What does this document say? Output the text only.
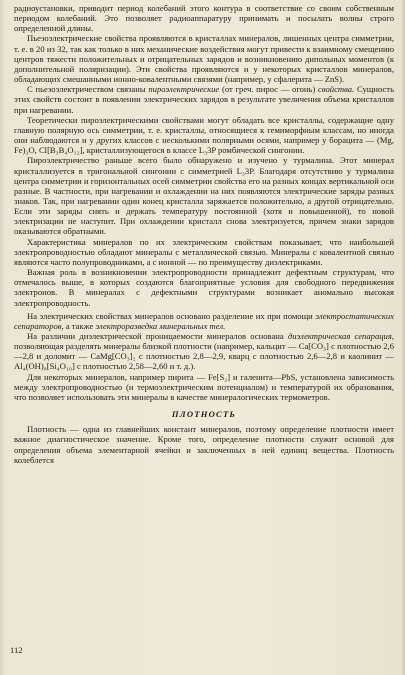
радиоустановки, приводит период колебаний этого контура в соответствие со своим собственным периодом колебаний. Это позволяет радиоаппаратуру принимать и посылать волны строго определенной длины.

Пьезоэлектрические свойства проявляются в кристаллах минералов, лишенных центра симметрии, т. е. в 20 из 32, так как только в них механические воздействия могут привести к взаимному смещению центров тяжести положительных и отрицательных зарядов и возникновению дипольных моментов (к дополнительной поляризации). Эти свойства проявляются и у некоторых кристаллов минералов, обладающих смешанными ионно-ковалентными связями (например, у сфалерита — ZnS).

С пьезоэлектричеством связаны пироэлектрические (от греч. пирос — огонь) свойства. Сущность этих свойств состоит в появлении электрических зарядов в результате увеличения объема кристаллов при нагревании.

Теоретически пироэлектрическими свойствами могут обладать все кристаллы, содержащие одну главную полярную ось симметрии, т. е. кристаллы, относящиеся к гемиморфным классам, но иногда они наблюдаются и у других классов с несколькими полярными осями, например у борацита — (Mg, Fe)₃O, Cl[B₃B₄O₁₂], кристаллизующегося в классе L₃3P ромбической сингонии.

Пироэлектричество раньше всего было обнаружено и изучено у турмалина. Этот минерал кристаллизуется в тригональной сингонии с симметрией L₃3P. Благодаря отсутствию у турмалина центра симметрии и горизонтальных осей симметрии свойства его на разных концах вертикальной оси разные. В частности, при нагревании и охлаждении на них появляются электрические заряды разных знаков. Так, при нагревании один конец кристалла заряжается положительно, а другой отрицательно. Если эти заряды снять и держать температуру постоянной (хотя и повышенной), то новой электризации не наступит. При охлаждении кристалл снова электризуется, причем знаки зарядов оказываются обратными.

Характеристика минералов по их электрическим свойствам показывает, что наибольшей электропроводностью обладают минералы с металлической связью. Минералы с ковалентной связью являются часто полупроводниками, а с ионной — по преимуществу диэлектриками.

Важная роль в возникновении электропроводности принадлежит дефектным структурам, что отмечалось выше, в которых создаются благоприятные условия для свободного передвижения электронов. В минералах с дефектными структурами возникает аномально высокая электропроводность.

На электрических свойствах минералов основано разделение их при помощи электростатических сепараторов, а также электроразведка минеральных тел.

На различии диэлектрической проницаемости минералов основана диэлектрическая сепарация, позволяющая разделять минералы близкой плотности (например, кальцит — Ca[CO₃] с плотностью 2,6—2,8 и доломит — CaMg[CO₃]₂ с плотностью 2,8—2,9, кварц с плотностью 2,6—2,8 и каолинит — Al₄(OH)₈[Si₄O₁₀] с плотностью 2,58—2,60 и т. д.).

Для некоторых минералов, например пирита — Fe[S₂] и галенита—PbS, установлена зависимость между электропроводностью (и термоэлектрическим потенциалом) и температурой их образования, что позволяет использовать эти минералы в качестве минералогических термометров.

ПЛОТНОСТЬ

Плотность — одна из главнейших констант минералов, поэтому определение плотности имеет важное диагностическое значение. Кроме того, определение плотности служит основой для определения объема элементарной ячейки и заключенных в ней единиц вещества. Плотность колеблется

112
